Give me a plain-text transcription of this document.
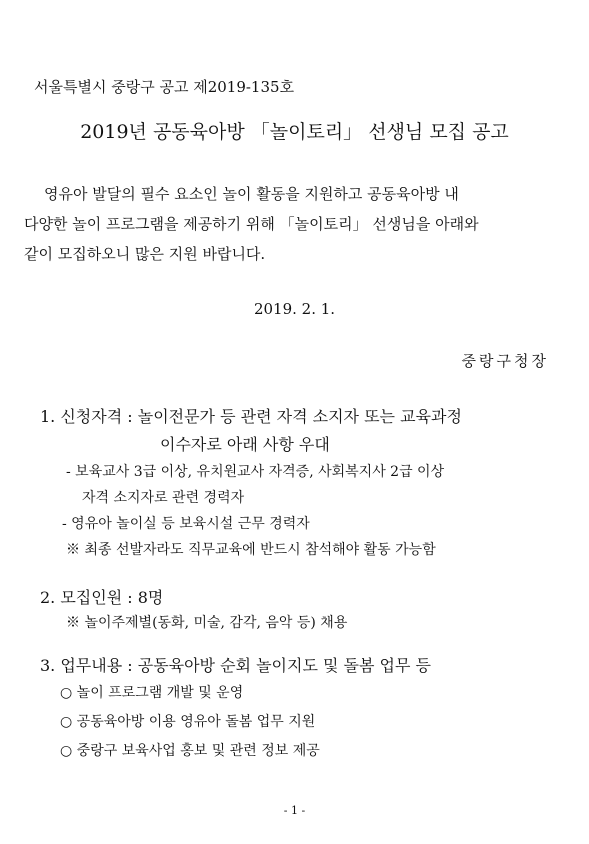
서울특별시 중랑구 공고 제2019-135호
2019년 공동육아방 「놀이토리」 선생님 모집 공고
영유아 발달의 필수 요소인 놀이 활동을 지원하고 공동육아방 내
다양한 놀이 프로그램을 제공하기 위해 「놀이토리」 선생님을 아래와
같이 모집하오니 많은 지원 바랍니다.
2019. 2. 1.
중랑구청장
1. 신청자격 : 놀이전문가 등 관련 자격 소지자 또는 교육과정
이수자로 아래 사항 우대
- 보육교사 3급 이상, 유치원교사 자격증, 사회복지사 2급 이상
자격 소지자로 관련 경력자
- 영유아 놀이실 등 보육시설 근무 경력자
※ 최종 선발자라도 직무교육에 반드시 참석해야 활동 가능함
2. 모집인원 : 8명
※ 놀이주제별(동화, 미술, 감각, 음악 등) 채용
3. 업무내용 : 공동육아방 순회 놀이지도 및 돌봄 업무 등
○ 놀이 프로그램 개발 및 운영
○ 공동육아방 이용 영유아 돌봄 업무 지원
○ 중랑구 보육사업 홍보 및 관련 정보 제공
- 1 -
